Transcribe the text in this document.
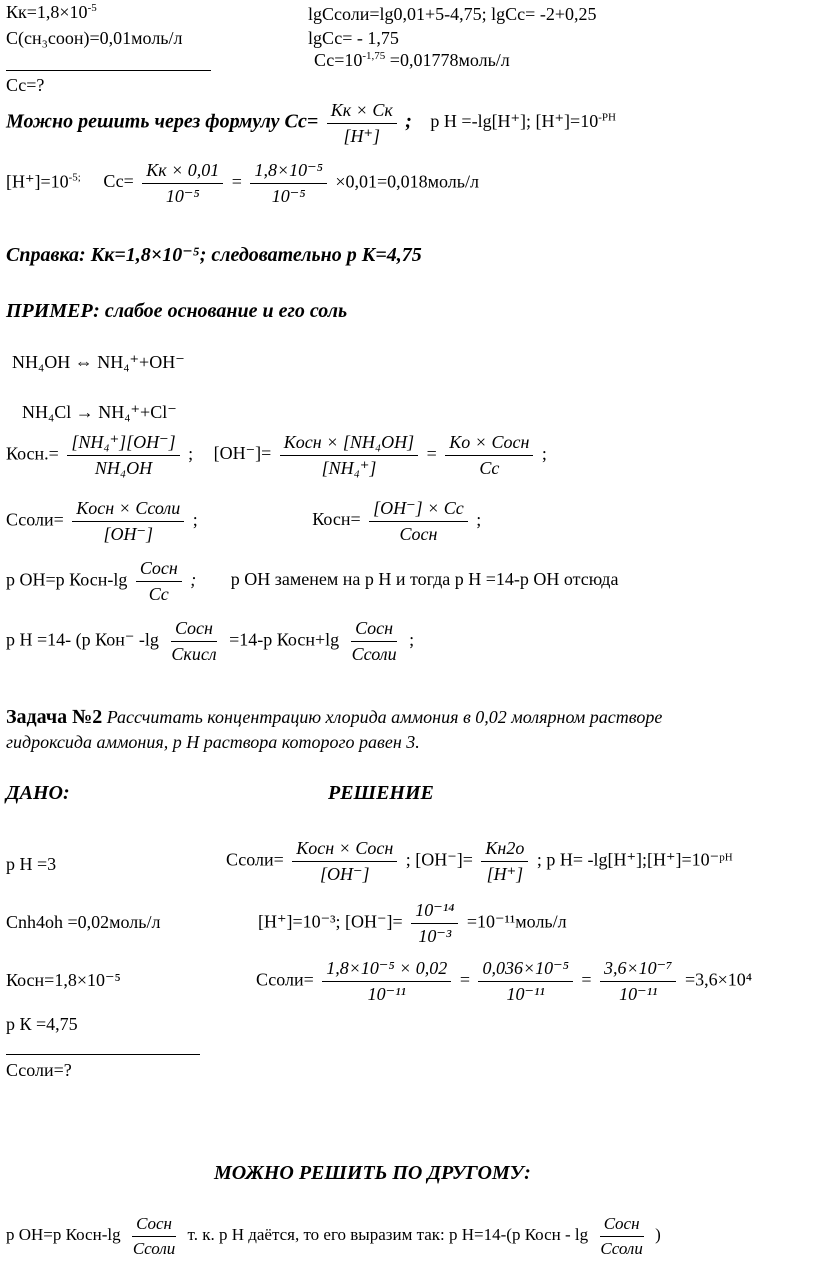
$Кк=1,8\times 10^{-5}$
С(сн₃соон)=0,01моль/л
Сс=?
lgCсоли=lg0,01+5-4,75; lgCс= -2+0,25
lgСс= - 1,75
$Сс=10^{-1,75}$ =0,01778моль/л
Можно решить через формулу Сс=
Кк × Ск
[H⁺]
; р Н =-lg[Н⁺]; $[Н^+]=10^{-PH}$
$[Н^+]=10^{-5;}$ Сс=
Кк × 0,01
10⁻⁵
= $\frac{\text{1,8×10⁻⁵}}{\text{10⁻⁵}}$ ×0,01=0,018моль/л
Справка: Кк=1,8×10⁻⁵; следовательно р К=4,75
ПРИМЕР: слабое основание и его соль
NH₄OH ⇔ NH₄⁺+OH⁻
NH₄Cl → NH₄⁺+Cl⁻
Косн.= $\frac{\text{[NH₄⁺][OH⁻]}}{\text{NH₄OH}}$ ; [OH⁻]=
Kосн × [NH₄OH]
[NH₄⁺]
=
Ko × Cосн
Cс
;
Ссоли=
Kосн × Cсоли
[OH⁻]
;	Косн=
[OH⁻] × Cс
Cосн
;
р ОН=р Косн-lg
Cосн
Cс
; р ОН заменем на р Н и тогда р Н =14-р ОН отсюда
р Н =14- (р Кон⁻ -lg
Cосн
Cкисл
=14-р Косн+lg
Cосн
Cсоли
;
Задача №2 Рассчитать концентрацию хлорида аммония в 0,02 молярном растворе
гидроксида аммония, р Н раствора которого равен 3.
ДАНО:	РЕШЕНИЕ
р Н =3
Сnh4oh =0,02моль/л
Косн=1,8×10⁻⁵
р К =4,75
Ссоли=?
Ссоли=
Kосн × Cосн
[OH⁻]
; [OH⁻]=
Kн2о
[H⁺]
; р Н= -lg[Н⁺];[Н⁺]=10⁻ᵖᴴ
[Н⁺]=10⁻³; $[ОН^-]= \frac{\text{10⁻¹⁴}}{\text{10⁻³}}$ =10⁻¹¹моль/л
Ссоли= $\frac{\text{1,8×10⁻⁵ × 0,02}}{\text{10⁻¹¹}} = \frac{\text{0,036×10⁻⁵}}{\text{10⁻¹¹}} = \frac{\text{3,6×10⁻⁷}}{\text{10⁻¹¹}} =3,6\times 10^4$
МОЖНО РЕШИТЬ ПО ДРУГОМУ:
р ОН=р Косн-lg
Cосн
Cсоли
т. к. р Н даётся, то его выразим так: р Н=14-(р Косн - lg
Cосн
Cсоли
)
